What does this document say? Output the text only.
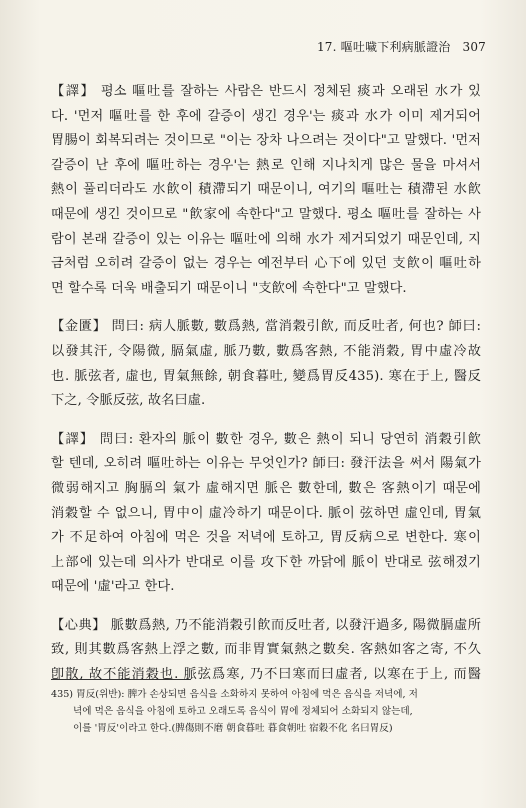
17. 嘔吐噦下利病脈證治 307
【譯】 평소 嘔吐를 잘하는 사람은 반드시 정체된 痰과 오래된 水가 있
다. '먼저 嘔吐를 한 후에 갈증이 생긴 경우'는 痰과 水가 이미 제거되어
胃腸이 회복되려는 것이므로 "이는 장차 나으려는 것이다"고 말했다. '먼저
갈증이 난 후에 嘔吐하는 경우'는 熱로 인해 지나치게 많은 물을 마셔서
熱이 풀리더라도 水飮이 積滯되기 때문이니, 여기의 嘔吐는 積滯된 水飮
때문에 생긴 것이므로 "飮家에 속한다"고 말했다. 평소 嘔吐를 잘하는 사
람이 본래 갈증이 있는 이유는 嘔吐에 의해 水가 제거되었기 때문인데, 지
금처럼 오히려 갈증이 없는 경우는 예전부터 心下에 있던 支飮이 嘔吐하
면 할수록 더욱 배출되기 때문이니 "支飮에 속한다"고 말했다.
【金匱】 問曰: 病人脈數, 數爲熱, 當消穀引飮, 而反吐者, 何也? 師曰:
以發其汗, 令陽微, 膈氣虛, 脈乃數, 數爲客熱, 不能消穀, 胃中虛冷故
也. 脈弦者, 虛也, 胃氣無餘, 朝食暮吐, 變爲胃反435). 寒在于上, 醫反
下之, 令脈反弦, 故名曰虛.
【譯】 問曰: 환자의 脈이 數한 경우, 數은 熱이 되니 당연히 消穀引飮
할 텐데, 오히려 嘔吐하는 이유는 무엇인가? 師曰: 發汗法을 써서 陽氣가
微弱해지고 胸膈의 氣가 虛해지면 脈은 數한데, 數은 客熱이기 때문에
消穀할 수 없으니, 胃中이 虛冷하기 때문이다. 脈이 弦하면 虛인데, 胃氣
가 不足하여 아침에 먹은 것을 저녁에 토하고, 胃反病으로 변한다. 寒이
上部에 있는데 의사가 반대로 이를 攻下한 까닭에 脈이 반대로 弦해졌기
때문에 '虛'라고 한다.
【心典】 脈數爲熱, 乃不能消穀引飮而反吐者, 以發汗過多, 陽微膈虛所
致, 則其數爲客熱上浮之數, 而非胃實氣熱之數矣. 客熱如客之寄, 不久
卽散, 故不能消穀也. 脈弦爲寒, 乃不曰寒而曰虛者, 以寒在于上, 而醫
435) 胃反(위반): 脾가 손상되면 음식을 소화하지 못하여 아침에 먹은 음식을 저녁에, 저
녁에 먹은 음식을 아침에 토하고 오래도록 음식이 胃에 정체되어 소화되지 않는데,
이를 '胃反'이라고 한다.(脾傷則不磨 朝食暮吐 暮食朝吐 宿穀不化 名曰胃反)
